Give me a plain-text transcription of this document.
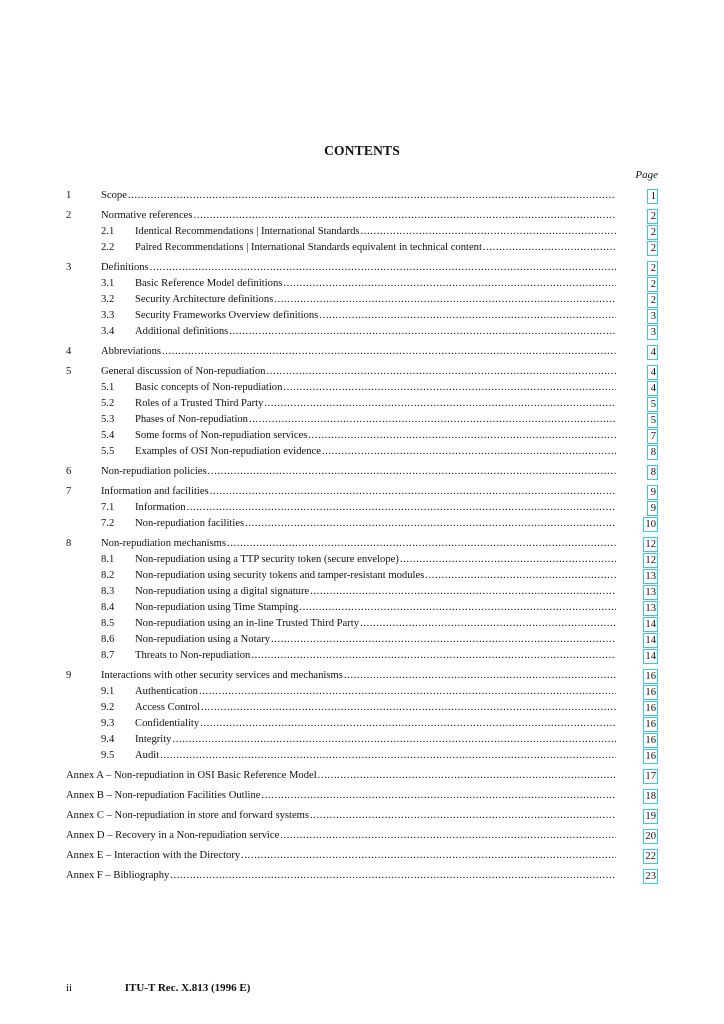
CONTENTS
Page
1	Scope .....	1
2	Normative references .....	2
2.1 Identical Recommendations | International Standards .....	2
2.2 Paired Recommendations | International Standards equivalent in technical content .....	2
3	Definitions .....	2
3.1 Basic Reference Model definitions .....	2
3.2 Security Architecture definitions .....	2
3.3 Security Frameworks Overview definitions .....	3
3.4 Additional definitions .....	3
4	Abbreviations .....	4
5	General discussion of Non-repudiation .....	4
5.1 Basic concepts of Non-repudiation .....	4
5.2 Roles of a Trusted Third Party .....	5
5.3 Phases of Non-repudiation .....	5
5.4 Some forms of Non-repudiation services .....	7
5.5 Examples of OSI Non-repudiation evidence .....	8
6	Non-repudiation policies .....	8
7	Information and facilities .....	9
7.1 Information .....	9
7.2 Non-repudiation facilities .....	10
8	Non-repudiation mechanisms .....	12
8.1 Non-repudiation using a TTP security token (secure envelope) .....	12
8.2 Non-repudiation using security tokens and tamper-resistant modules .....	13
8.3 Non-repudiation using a digital signature .....	13
8.4 Non-repudiation using Time Stamping .....	13
8.5 Non-repudiation using an in-line Trusted Third Party .....	14
8.6 Non-repudiation using a Notary .....	14
8.7 Threats to Non-repudiation .....	14
9	Interactions with other security services and mechanisms .....	16
9.1 Authentication .....	16
9.2 Access Control .....	16
9.3 Confidentiality .....	16
9.4 Integrity .....	16
9.5 Audit .....	16
Annex A – Non-repudiation in OSI Basic Reference Model .....	17
Annex B – Non-repudiation Facilities Outline .....	18
Annex C – Non-repudiation in store and forward systems .....	19
Annex D – Recovery in a Non-repudiation service .....	20
Annex E – Interaction with the Directory .....	22
Annex F – Bibliography .....	23
ii	ITU-T Rec. X.813 (1996 E)
